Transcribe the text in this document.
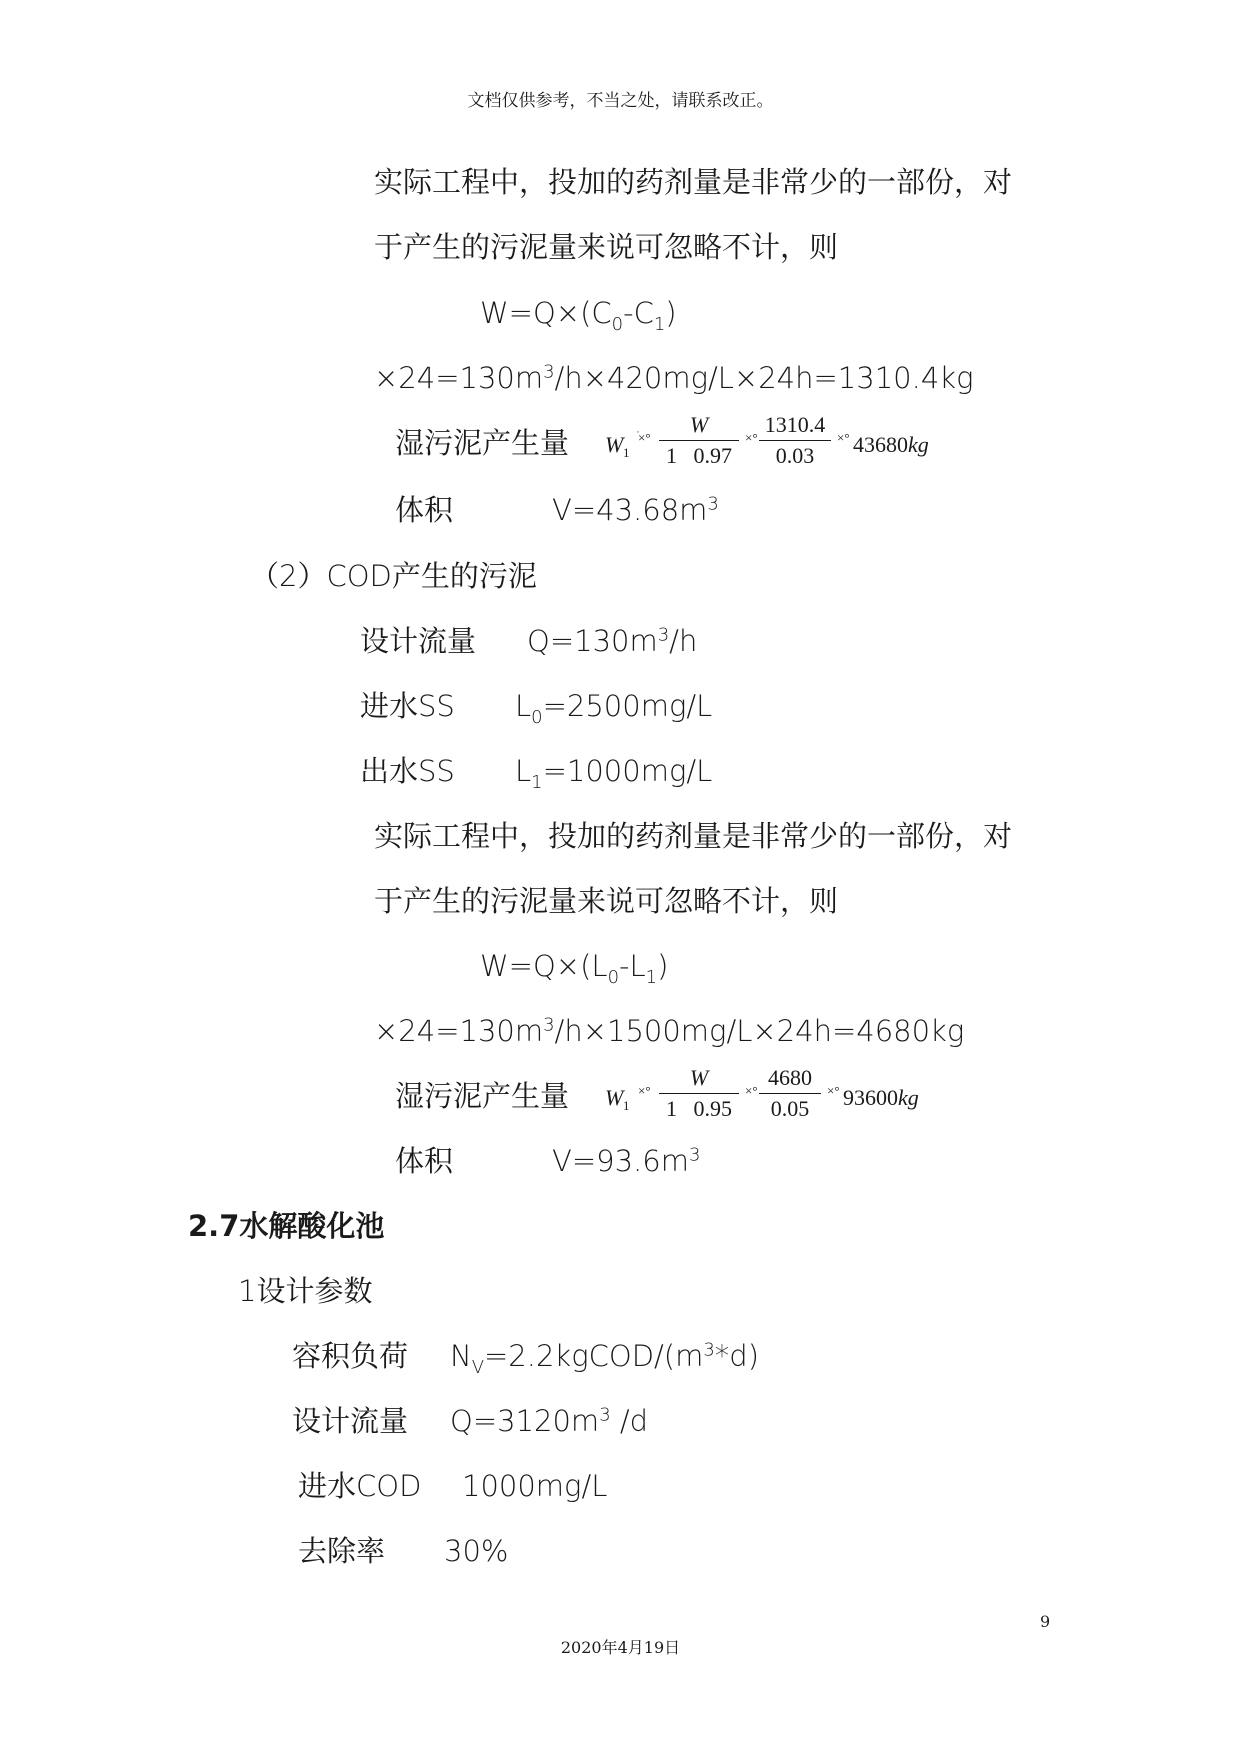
文档仅供参考，不当之处，请联系改正。
实际工程中，投加的药剂量是非常少的一部份，对
于产生的污泥量来说可忽略不计，则
$W=Q\times(C_0-C_1)$
$\times 24=130m^3/h\times 420mg/L\times 24h=1310.4kg$
湿污泥产生量 W 1
×° $\frac{W}{1 0.97}$ ×° $\frac{1310.4}{0.03}$ ×° 43680kg
体积	$V=43.68m^3$
（2）COD产生的污泥
设计流量 $Q=130m^3/h$
进水SS $L_0=2500mg/L$
出水SS $L_1=1000mg/L$
实际工程中，投加的药剂量是非常少的一部份，对
于产生的污泥量来说可忽略不计，则
$W=Q\times(L_0-L_1)$
$\times 24=130m^3/h\times 1500mg/L\times 24h=4680kg$
湿污泥产生量 W 1
×° $\frac{W}{1 0.95}$ ×° $\frac{4680}{0.05}$ ×° 93600kg
体积	$V=93.6m^3$
2.7水解酸化池
1设计参数
容积负荷 $N_V=2.2kgCOD/(m^3*d)$
设计流量 $Q=3120m^3$ /d
进水COD 1000mg/L
去除率 30%
9
2020年4月19日
